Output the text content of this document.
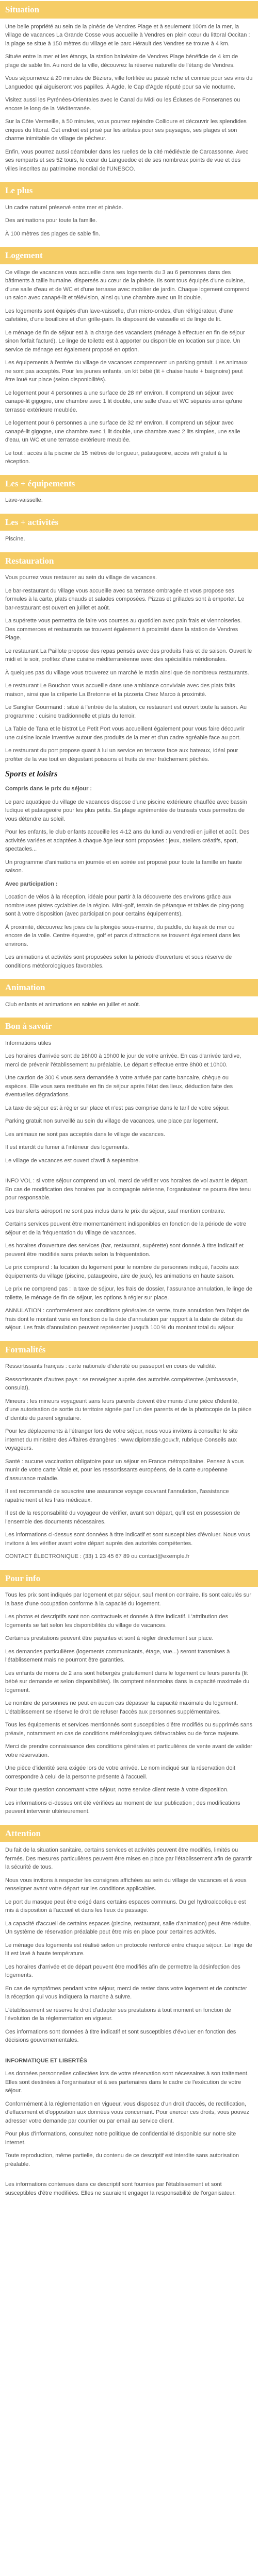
Situation

Une belle propriété au sein de la pinède de Vendres Plage et à seulement 100m de la mer, la village de vacances La Grande Cosse vous accueille à Vendres en plein cœur du littoral Occitan : la plage se situe à 150 mètres du village et le parc Hérault des Vendres se trouve à 4 km.

Située entre la mer et les étangs, la station balnéaire de Vendres Plage bénéficie de 4 km de plage de sable fin. Au nord de la ville, découvrez la réserve naturelle de l'étang de Vendres.

Vous séjournerez à 20 minutes de Béziers, ville fortifiée au passé riche et connue pour ses vins du Languedoc qui aiguiseront vos papilles. À Agde, le Cap d'Agde réputé pour sa vie nocturne.

Visitez aussi les Pyrénées-Orientales avec le Canal du Midi ou les Écluses de Fonseranes ou encore le long de la Méditerranée.

Sur la Côte Vermeille, à 50 minutes, vous pourrez rejoindre Collioure et découvrir les splendides criques du littoral. Cet endroit est prisé par les artistes pour ses paysages, ses plages et son charme inimitable de village de pêcheur.

Enfin, vous pourrez aussi déambuler dans les ruelles de la cité médiévale de Carcassonne. Avec ses remparts et ses 52 tours, le cœur du Languedoc et de ses nombreux points de vue et des villes inscrites au patrimoine mondial de l'UNESCO.

Le plus

Un cadre naturel préservé entre mer et pinède.

Des animations pour toute la famille.

À 100 mètres des plages de sable fin.

Logement

Ce village de vacances vous accueille dans ses logements du 3 au 6 personnes dans des bâtiments à taille humaine, dispersés au cœur de la pinède. Ils sont tous équipés d'une cuisine, d'une salle d'eau et de WC et d'une terrasse avec mobilier de jardin. Chaque logement comprend un salon avec canapé-lit et télévision, ainsi qu'une chambre avec un lit double.

Les logements sont équipés d'un lave-vaisselle, d'un micro-ondes, d'un réfrigérateur, d'une cafetière, d'une bouilloire et d'un grille-pain. Ils disposent de vaisselle et de linge de lit.

Le ménage de fin de séjour est à la charge des vacanciers (ménage à effectuer en fin de séjour sinon forfait facturé). Le linge de toilette est à apporter ou disponible en location sur place. Un service de ménage est également proposé en option.

Les équipements à l'entrée du village de vacances comprennent un parking gratuit. Les animaux ne sont pas acceptés. Pour les jeunes enfants, un kit bébé (lit + chaise haute + baignoire) peut être loué sur place (selon disponibilités).

Le logement pour 4 personnes a une surface de 28 m² environ. Il comprend un séjour avec canapé-lit gigogne, une chambre avec 1 lit double, une salle d'eau et WC séparés ainsi qu'une terrasse extérieure meublée.

Le logement pour 6 personnes a une surface de 32 m² environ. Il comprend un séjour avec canapé-lit gigogne, une chambre avec 1 lit double, une chambre avec 2 lits simples, une salle d'eau, un WC et une terrasse extérieure meublée.

Le tout : accès à la piscine de 15 mètres de longueur, pataugeoire, accès wifi gratuit à la réception.

Les + équipements

Lave-vaisselle.

Les + activités

Piscine.

Restauration

Vous pourrez vous restaurer au sein du village de vacances.

Le bar-restaurant du village vous accueille avec sa terrasse ombragée et vous propose ses formules à la carte, plats chauds et salades composées. Pizzas et grillades sont à emporter. Le bar-restaurant est ouvert en juillet et août.

La supérette vous permettra de faire vos courses au quotidien avec pain frais et viennoiseries. Des commerces et restaurants se trouvent également à proximité dans la station de Vendres Plage.

Le restaurant La Paillote propose des repas pensés avec des produits frais et de saison. Ouvert le midi et le soir, profitez d'une cuisine méditerranéenne avec des spécialités méridionales.

À quelques pas du village vous trouverez un marché le matin ainsi que de nombreux restaurants.

Le restaurant Le Bouchon vous accueille dans une ambiance conviviale avec des plats faits maison, ainsi que la crêperie La Bretonne et la pizzeria Chez Marco à proximité.

Le Sanglier Gourmand : situé à l'entrée de la station, ce restaurant est ouvert toute la saison. Au programme : cuisine traditionnelle et plats du terroir.

La Table de Tana et le bistrot Le Petit Port vous accueillent également pour vous faire découvrir une cuisine locale inventive autour des produits de la mer et d'un cadre agréable face au port.

Le restaurant du port propose quant à lui un service en terrasse face aux bateaux, idéal pour profiter de la vue tout en dégustant poissons et fruits de mer fraîchement pêchés.

Sports et loisirs

Compris dans le prix du séjour :

Le parc aquatique du village de vacances dispose d'une piscine extérieure chauffée avec bassin ludique et pataugeoire pour les plus petits. Sa plage agrémentée de transats vous permettra de vous détendre au soleil.

Pour les enfants, le club enfants accueille les 4-12 ans du lundi au vendredi en juillet et août. Des activités variées et adaptées à chaque âge leur sont proposées : jeux, ateliers créatifs, sport, spectacles...

Un programme d'animations en journée et en soirée est proposé pour toute la famille en haute saison.

Avec participation :

Location de vélos à la réception, idéale pour partir à la découverte des environs grâce aux nombreuses pistes cyclables de la région. Mini-golf, terrain de pétanque et tables de ping-pong sont à votre disposition (avec participation pour certains équipements).

À proximité, découvrez les joies de la plongée sous-marine, du paddle, du kayak de mer ou encore de la voile. Centre équestre, golf et parcs d'attractions se trouvent également dans les environs.

Les animations et activités sont proposées selon la période d'ouverture et sous réserve de conditions météorologiques favorables.

Animation

Club enfants et animations en soirée en juillet et août.

Bon à savoir

Informations utiles

Les horaires d'arrivée sont de 16h00 à 19h00 le jour de votre arrivée. En cas d'arrivée tardive, merci de prévenir l'établissement au préalable. Le départ s'effectue entre 8h00 et 10h00.

Une caution de 300 € vous sera demandée à votre arrivée par carte bancaire, chèque ou espèces. Elle vous sera restituée en fin de séjour après l'état des lieux, déduction faite des éventuelles dégradations.

La taxe de séjour est à régler sur place et n'est pas comprise dans le tarif de votre séjour.

Parking gratuit non surveillé au sein du village de vacances, une place par logement.

Les animaux ne sont pas acceptés dans le village de vacances.

Il est interdit de fumer à l'intérieur des logements.

Le village de vacances est ouvert d'avril à septembre.

INFO VOL : si votre séjour comprend un vol, merci de vérifier vos horaires de vol avant le départ. En cas de modification des horaires par la compagnie aérienne, l'organisateur ne pourra être tenu pour responsable.

Les transferts aéroport ne sont pas inclus dans le prix du séjour, sauf mention contraire.

Certains services peuvent être momentanément indisponibles en fonction de la période de votre séjour et de la fréquentation du village de vacances.

Les horaires d'ouverture des services (bar, restaurant, supérette) sont donnés à titre indicatif et peuvent être modifiés sans préavis selon la fréquentation.

Le prix comprend : la location du logement pour le nombre de personnes indiqué, l'accès aux équipements du village (piscine, pataugeoire, aire de jeux), les animations en haute saison.

Le prix ne comprend pas : la taxe de séjour, les frais de dossier, l'assurance annulation, le linge de toilette, le ménage de fin de séjour, les options à régler sur place.

ANNULATION : conformément aux conditions générales de vente, toute annulation fera l'objet de frais dont le montant varie en fonction de la date d'annulation par rapport à la date de début du séjour. Les frais d'annulation peuvent représenter jusqu'à 100 % du montant total du séjour.

Formalités

Ressortissants français : carte nationale d'identité ou passeport en cours de validité.

Ressortissants d'autres pays : se renseigner auprès des autorités compétentes (ambassade, consulat).

Mineurs : les mineurs voyageant sans leurs parents doivent être munis d'une pièce d'identité, d'une autorisation de sortie du territoire signée par l'un des parents et de la photocopie de la pièce d'identité du parent signataire.

Pour les déplacements à l'étranger lors de votre séjour, nous vous invitons à consulter le site internet du ministère des Affaires étrangères : www.diplomatie.gouv.fr, rubrique Conseils aux voyageurs.

Santé : aucune vaccination obligatoire pour un séjour en France métropolitaine. Pensez à vous munir de votre carte Vitale et, pour les ressortissants européens, de la carte européenne d'assurance maladie.

Il est recommandé de souscrire une assurance voyage couvrant l'annulation, l'assistance rapatriement et les frais médicaux.

Il est de la responsabilité du voyageur de vérifier, avant son départ, qu'il est en possession de l'ensemble des documents nécessaires.

Les informations ci-dessus sont données à titre indicatif et sont susceptibles d'évoluer. Nous vous invitons à les vérifier avant votre départ auprès des autorités compétentes.

CONTACT ÉLECTRONIQUE : (33) 1 23 45 67 89 ou contact@exemple.fr

Pour info

Tous les prix sont indiqués par logement et par séjour, sauf mention contraire. Ils sont calculés sur la base d'une occupation conforme à la capacité du logement.

Les photos et descriptifs sont non contractuels et donnés à titre indicatif. L'attribution des logements se fait selon les disponibilités du village de vacances.

Certaines prestations peuvent être payantes et sont à régler directement sur place.

Les demandes particulières (logements communicants, étage, vue...) seront transmises à l'établissement mais ne pourront être garanties.

Les enfants de moins de 2 ans sont hébergés gratuitement dans le logement de leurs parents (lit bébé sur demande et selon disponibilités). Ils comptent néanmoins dans la capacité maximale du logement.

Le nombre de personnes ne peut en aucun cas dépasser la capacité maximale du logement. L'établissement se réserve le droit de refuser l'accès aux personnes supplémentaires.

Tous les équipements et services mentionnés sont susceptibles d'être modifiés ou supprimés sans préavis, notamment en cas de conditions météorologiques défavorables ou de force majeure.

Merci de prendre connaissance des conditions générales et particulières de vente avant de valider votre réservation.

Une pièce d'identité sera exigée lors de votre arrivée. Le nom indiqué sur la réservation doit correspondre à celui de la personne présente à l'accueil.

Pour toute question concernant votre séjour, notre service client reste à votre disposition.

Les informations ci-dessus ont été vérifiées au moment de leur publication ; des modifications peuvent intervenir ultérieurement.

Attention

Du fait de la situation sanitaire, certains services et activités peuvent être modifiés, limités ou fermés. Des mesures particulières peuvent être mises en place par l'établissement afin de garantir la sécurité de tous.

Nous vous invitons à respecter les consignes affichées au sein du village de vacances et à vous renseigner avant votre départ sur les conditions applicables.

Le port du masque peut être exigé dans certains espaces communs. Du gel hydroalcoolique est mis à disposition à l'accueil et dans les lieux de passage.

La capacité d'accueil de certains espaces (piscine, restaurant, salle d'animation) peut être réduite. Un système de réservation préalable peut être mis en place pour certaines activités.

Le ménage des logements est réalisé selon un protocole renforcé entre chaque séjour. Le linge de lit est lavé à haute température.

Les horaires d'arrivée et de départ peuvent être modifiés afin de permettre la désinfection des logements.

En cas de symptômes pendant votre séjour, merci de rester dans votre logement et de contacter la réception qui vous indiquera la marche à suivre.

L'établissement se réserve le droit d'adapter ses prestations à tout moment en fonction de l'évolution de la réglementation en vigueur.

Ces informations sont données à titre indicatif et sont susceptibles d'évoluer en fonction des décisions gouvernementales.

INFORMATIQUE ET LIBERTÉS

Les données personnelles collectées lors de votre réservation sont nécessaires à son traitement. Elles sont destinées à l'organisateur et à ses partenaires dans le cadre de l'exécution de votre séjour.

Conformément à la réglementation en vigueur, vous disposez d'un droit d'accès, de rectification, d'effacement et d'opposition aux données vous concernant. Pour exercer ces droits, vous pouvez adresser votre demande par courrier ou par email au service client.

Pour plus d'informations, consultez notre politique de confidentialité disponible sur notre site internet.

Toute reproduction, même partielle, du contenu de ce descriptif est interdite sans autorisation préalable.

Les informations contenues dans ce descriptif sont fournies par l'établissement et sont susceptibles d'être modifiées. Elles ne sauraient engager la responsabilité de l'organisateur.
